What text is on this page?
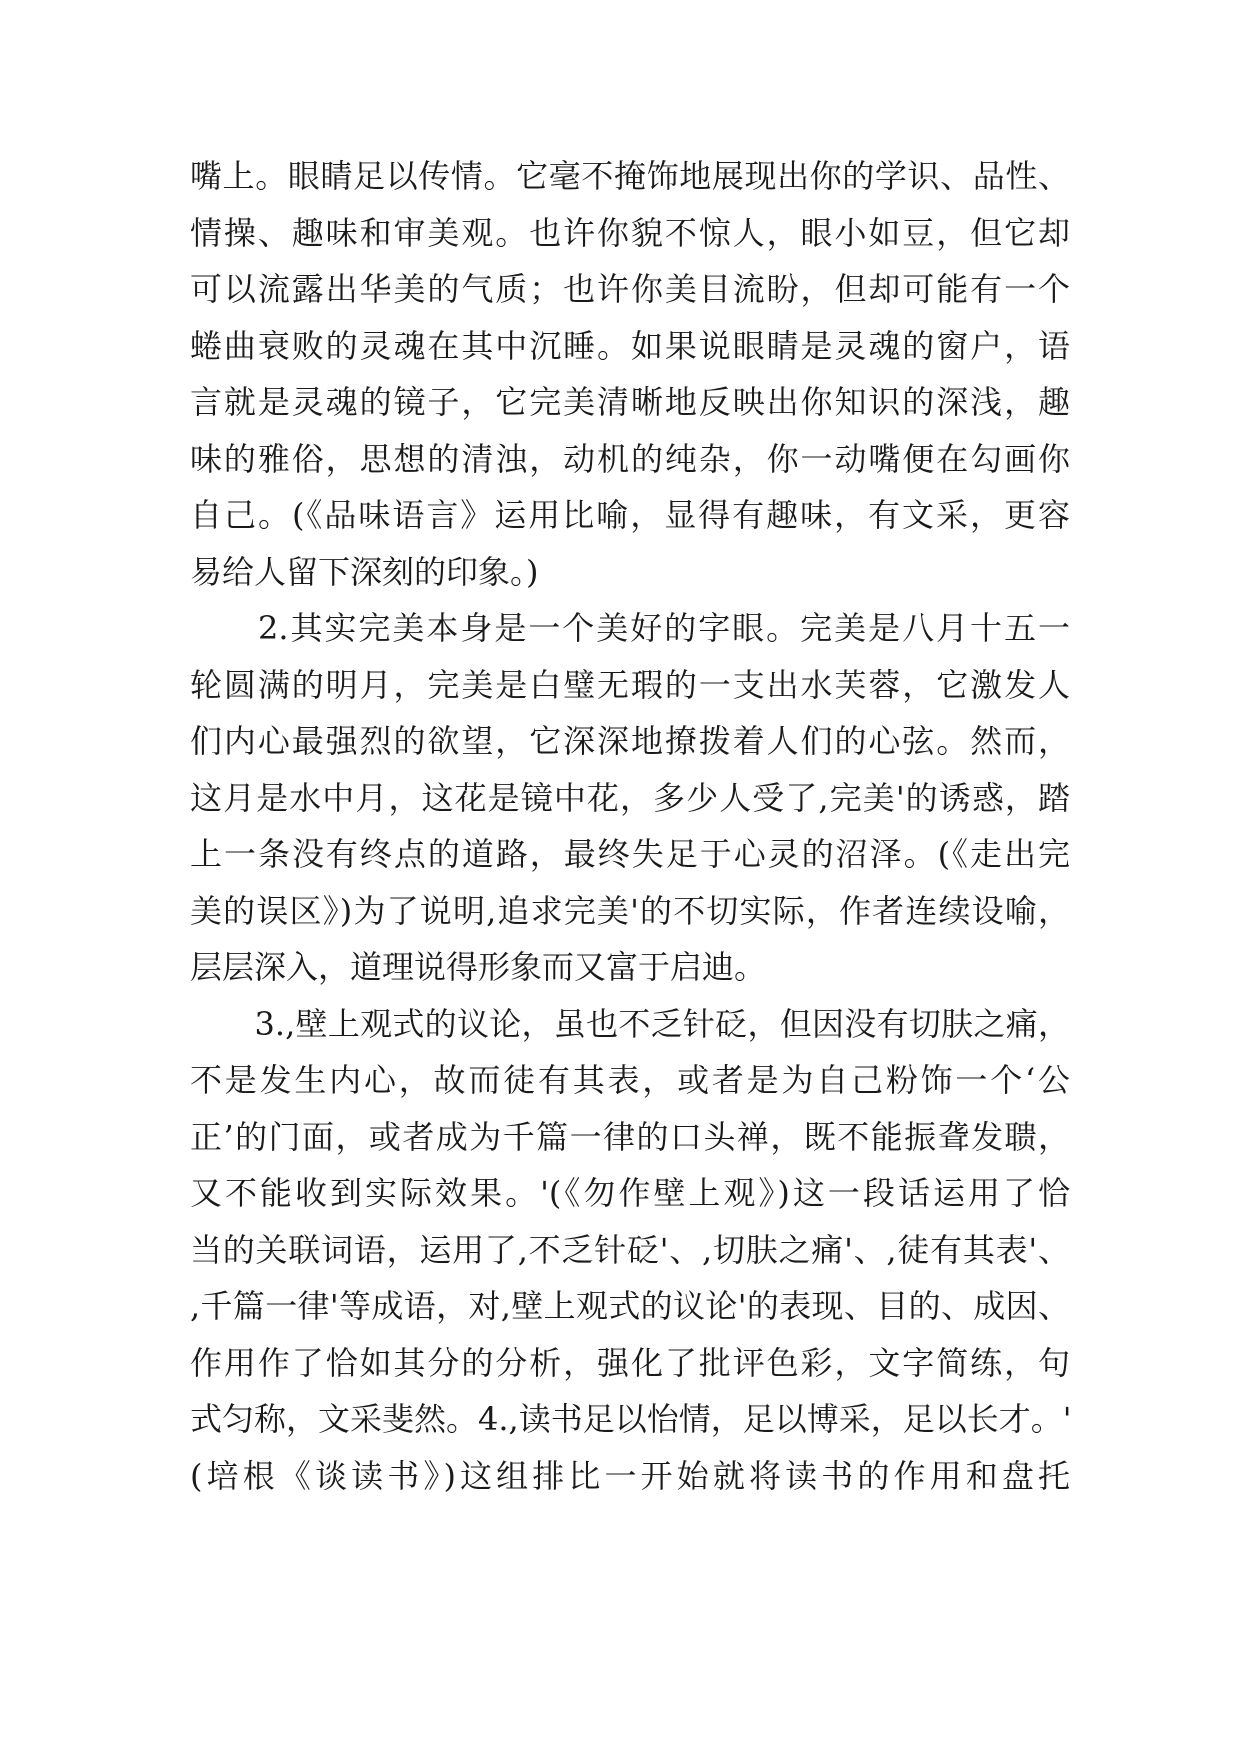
嘴上。眼睛足以传情。它毫不掩饰地展现出你的学识、品性、
情操、趣味和审美观。也许你貌不惊人，眼小如豆，但它却
可以流露出华美的气质；也许你美目流盼，但却可能有一个
蜷曲衰败的灵魂在其中沉睡。如果说眼睛是灵魂的窗户，语
言就是灵魂的镜子，它完美清晰地反映出你知识的深浅，趣
味的雅俗，思想的清浊，动机的纯杂，你一动嘴便在勾画你
自己。(《品味语言》运用比喻，显得有趣味，有文采，更容
易给人留下深刻的印象。)
　　2.其实完美本身是一个美好的字眼。完美是八月十五一
轮圆满的明月，完美是白璧无瑕的一支出水芙蓉，它激发人
们内心最强烈的欲望，它深深地撩拨着人们的心弦。然而，
这月是水中月，这花是镜中花，多少人受了,完美'的诱惑，踏
上一条没有终点的道路，最终失足于心灵的沼泽。(《走出完
美的误区》)为了说明,追求完美'的不切实际，作者连续设喻，
层层深入，道理说得形象而又富于启迪。
　　3.,壁上观式的议论，虽也不乏针砭，但因没有切肤之痛，
不是发生内心，故而徒有其表，或者是为自己粉饰一个‘公
正’的门面，或者成为千篇一律的口头禅，既不能振聋发聩，
又不能收到实际效果。'(《勿作壁上观》)这一段话运用了恰
当的关联词语，运用了,不乏针砭'、,切肤之痛'、,徒有其表'、
,千篇一律'等成语，对,壁上观式的议论'的表现、目的、成因、
作用作了恰如其分的分析，强化了批评色彩，文字简练，句
式匀称，文采斐然。4.,读书足以怡情，足以博采，足以长才。'
(培根《谈读书》)这组排比一开始就将读书的作用和盘托
